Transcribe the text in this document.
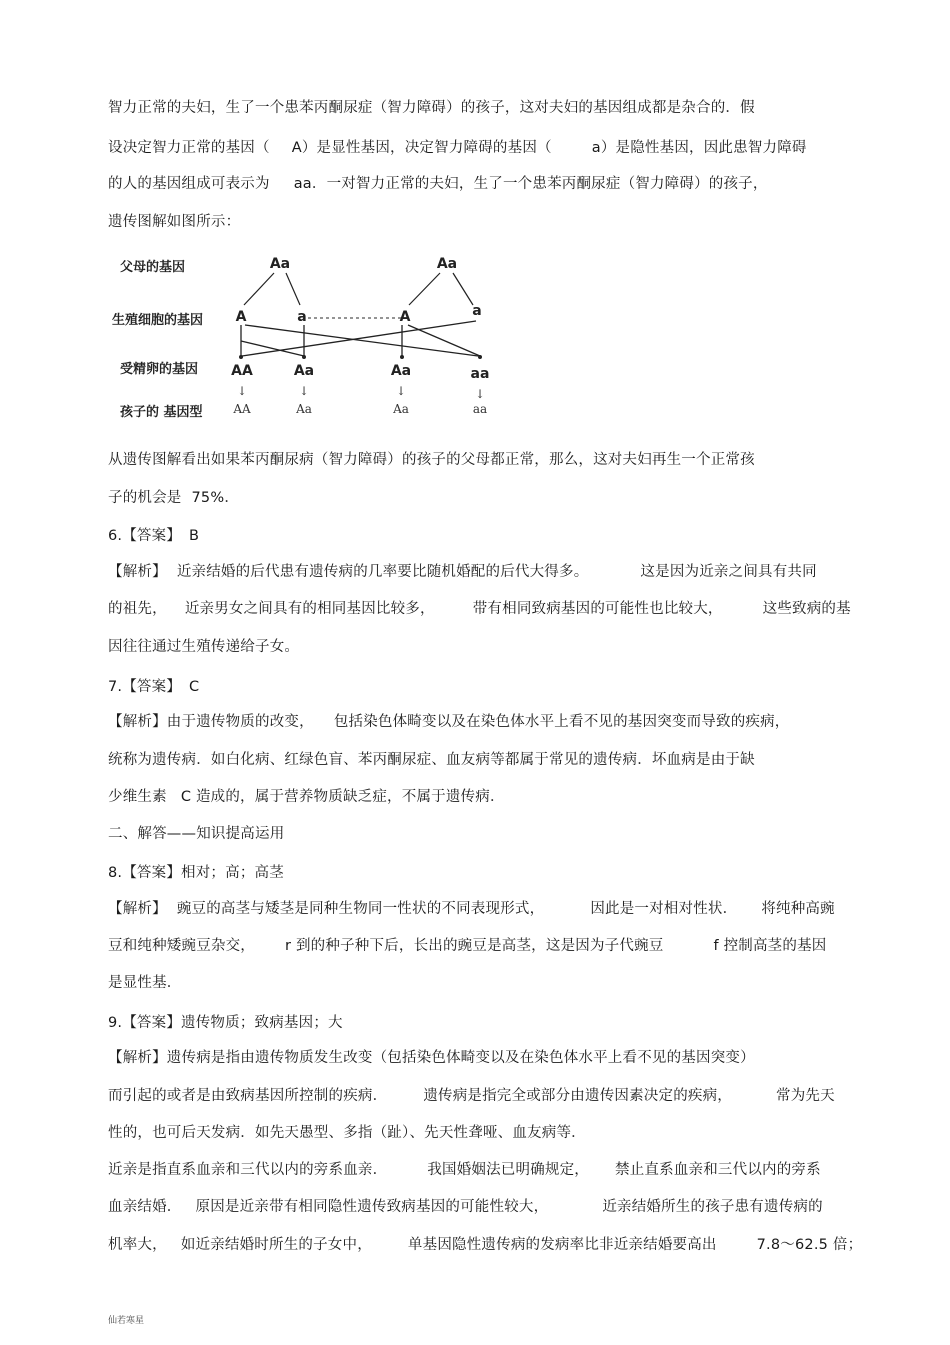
智力正常的夫妇，生了一个患苯丙酮尿症（智力障碍）的孩子，这对夫妇的基因组成都是杂合的．假
设决定智力正常的基因（ A）是显性基因，决定智力障碍的基因（	a）是隐性基因，因此患智力障碍
的人的基因组成可表示为 aa．一对智力正常的夫妇，生了一个患苯丙酮尿症（智力障碍）的孩子，
遗传图解如图所示：
从遗传图解看出如果苯丙酮尿病（智力障碍）的孩子的父母都正常，那么，这对夫妇再生一个正常孩
子的机会是 75%．
6.【答案】 B
【解析】 近亲结婚的后代患有遗传病的几率要比随机婚配的后代大得多。	这是因为近亲之间具有共同
的祖先， 近亲男女之间具有的相同基因比较多，	带有相同致病基因的可能性也比较大，	这些致病的基
因往往通过生殖传递给子女。
7.【答案】 C
【解析】由于遗传物质的改变， 包括染色体畸变以及在染色体水平上看不见的基因突变而导致的疾病，
统称为遗传病．如白化病、红绿色盲、苯丙酮尿症、血友病等都属于常见的遗传病．坏血病是由于缺
少维生素 C 造成的，属于营养物质缺乏症，不属于遗传病．
二、解答——知识提高运用
8.【答案】相对；高；高茎
【解析】 豌豆的高茎与矮茎是同种生物同一性状的不同表现形式，	因此是一对相对性状． 将纯种高豌
豆和纯种矮豌豆杂交， r 到的种子种下后，长出的豌豆是高茎，这是因为子代豌豆	f 控制高茎的基因
是显性基．
9.【答案】遗传物质；致病基因；大
【解析】遗传病是指由遗传物质发生改变（包括染色体畸变以及在染色体水平上看不见的基因突变）
而引起的或者是由致病基因所控制的疾病． 遗传病是指完全或部分由遗传因素决定的疾病，	常为先天
性的，也可后天发病．如先天愚型、多指（趾）、先天性聋哑、血友病等．
近亲是指直系血亲和三代以内的旁系血亲．	我国婚姻法已明确规定， 禁止直系血亲和三代以内的旁系
血亲结婚． 原因是近亲带有相同隐性遗传致病基因的可能性较大，	近亲结婚所生的孩子患有遗传病的
机率大， 如近亲结婚时所生的子女中， 单基因隐性遗传病的发病率比非近亲结婚要高出	7.8～62.5 倍；
父母的基因
生殖细胞的基因
受精卵的基因
孩子的 基因型
Aa	Aa
A	a	A	a
AA	Aa	Aa	aa
↓	↓	↓	↓
AA	Aa	Aa	aa
仙若寒星
